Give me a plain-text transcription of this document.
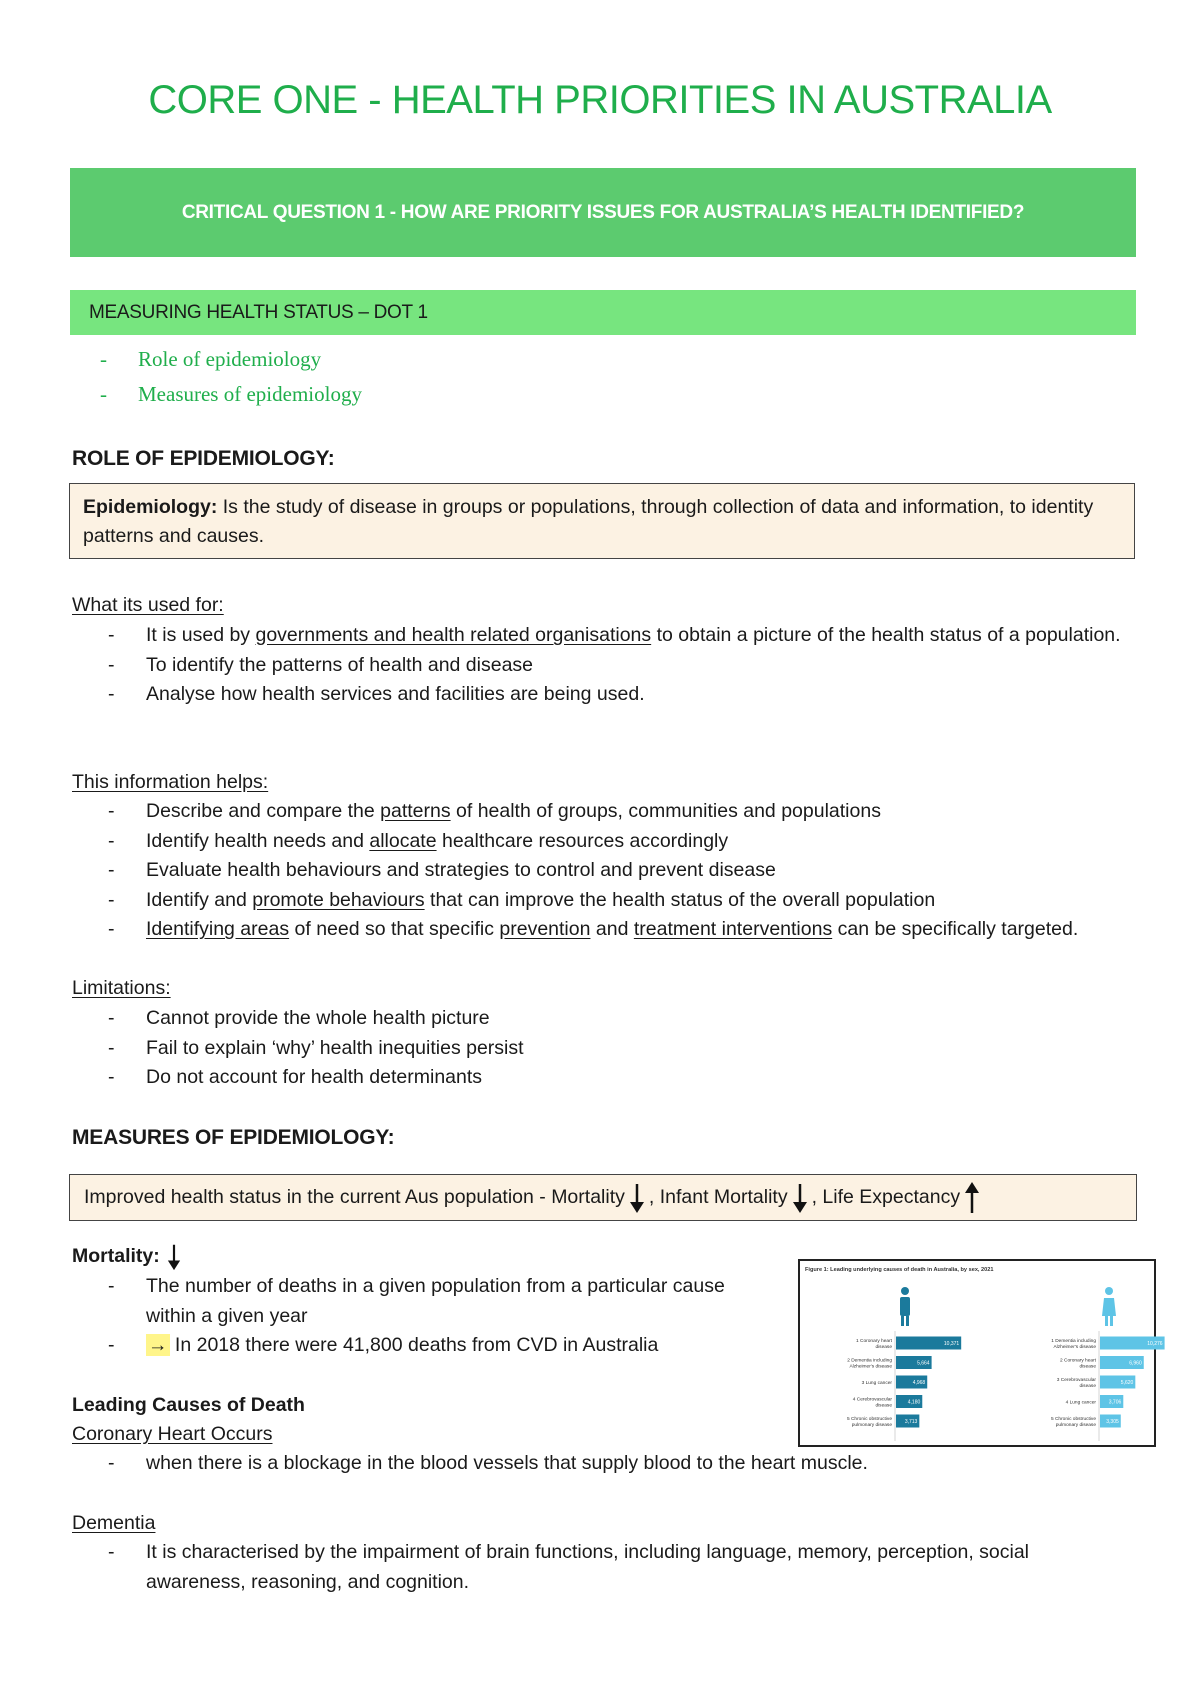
CORE ONE - HEALTH PRIORITIES IN AUSTRALIA
CRITICAL QUESTION 1 - HOW ARE PRIORITY ISSUES FOR AUSTRALIA’S HEALTH IDENTIFIED?
MEASURING HEALTH STATUS – DOT 1
- Role of epidemiology
- Measures of epidemiology
ROLE OF EPIDEMIOLOGY:
Epidemiology: Is the study of disease in groups or populations, through collection of data and information, to identity patterns and causes.
What its used for:
- It is used by governments and health related organisations to obtain a picture of the health status of a population.
- To identify the patterns of health and disease
- Analyse how health services and facilities are being used.
This information helps:
- Describe and compare the patterns of health of groups, communities and populations
- Identify health needs and allocate healthcare resources accordingly
- Evaluate health behaviours and strategies to control and prevent disease
- Identify and promote behaviours that can improve the health status of the overall population
- Identifying areas of need so that specific prevention and treatment interventions can be specifically targeted.
Limitations:
- Cannot provide the whole health picture
- Fail to explain ‘why’ health inequities persist
- Do not account for health determinants
MEASURES OF EPIDEMIOLOGY:
Improved health status in the current Aus population - Mortality , Infant Mortality , Life Expectancy
Mortality:
- The number of deaths in a given population from a particular cause within a given year
- → In 2018 there were 41,800 deaths from CVD in Australia
Leading Causes of Death
Coronary Heart Occurs
- when there is a blockage in the blood vessels that supply blood to the heart muscle.
Dementia
- It is characterised by the impairment of brain functions, including language, memory, perception, social awareness, reasoning, and cognition.
Figure 1: Leading underlying causes of death in Australia, by sex, 2021
10,371
1 Coronary heart
disease
5,664
2 Dementia including
Alzheimer's disease
4,968
3 Lung cancer
4,180
4 Cerebrovascular
disease
3,713
5 Chronic obstructive
pulmonary disease
10,276
1 Dementia including
Alzheimer's disease
6,960
2 Coronary heart
disease
5,620
3 Cerebrovascular
disease
3,706
4 Lung cancer
3,305
5 Chronic obstructive
pulmonary disease
